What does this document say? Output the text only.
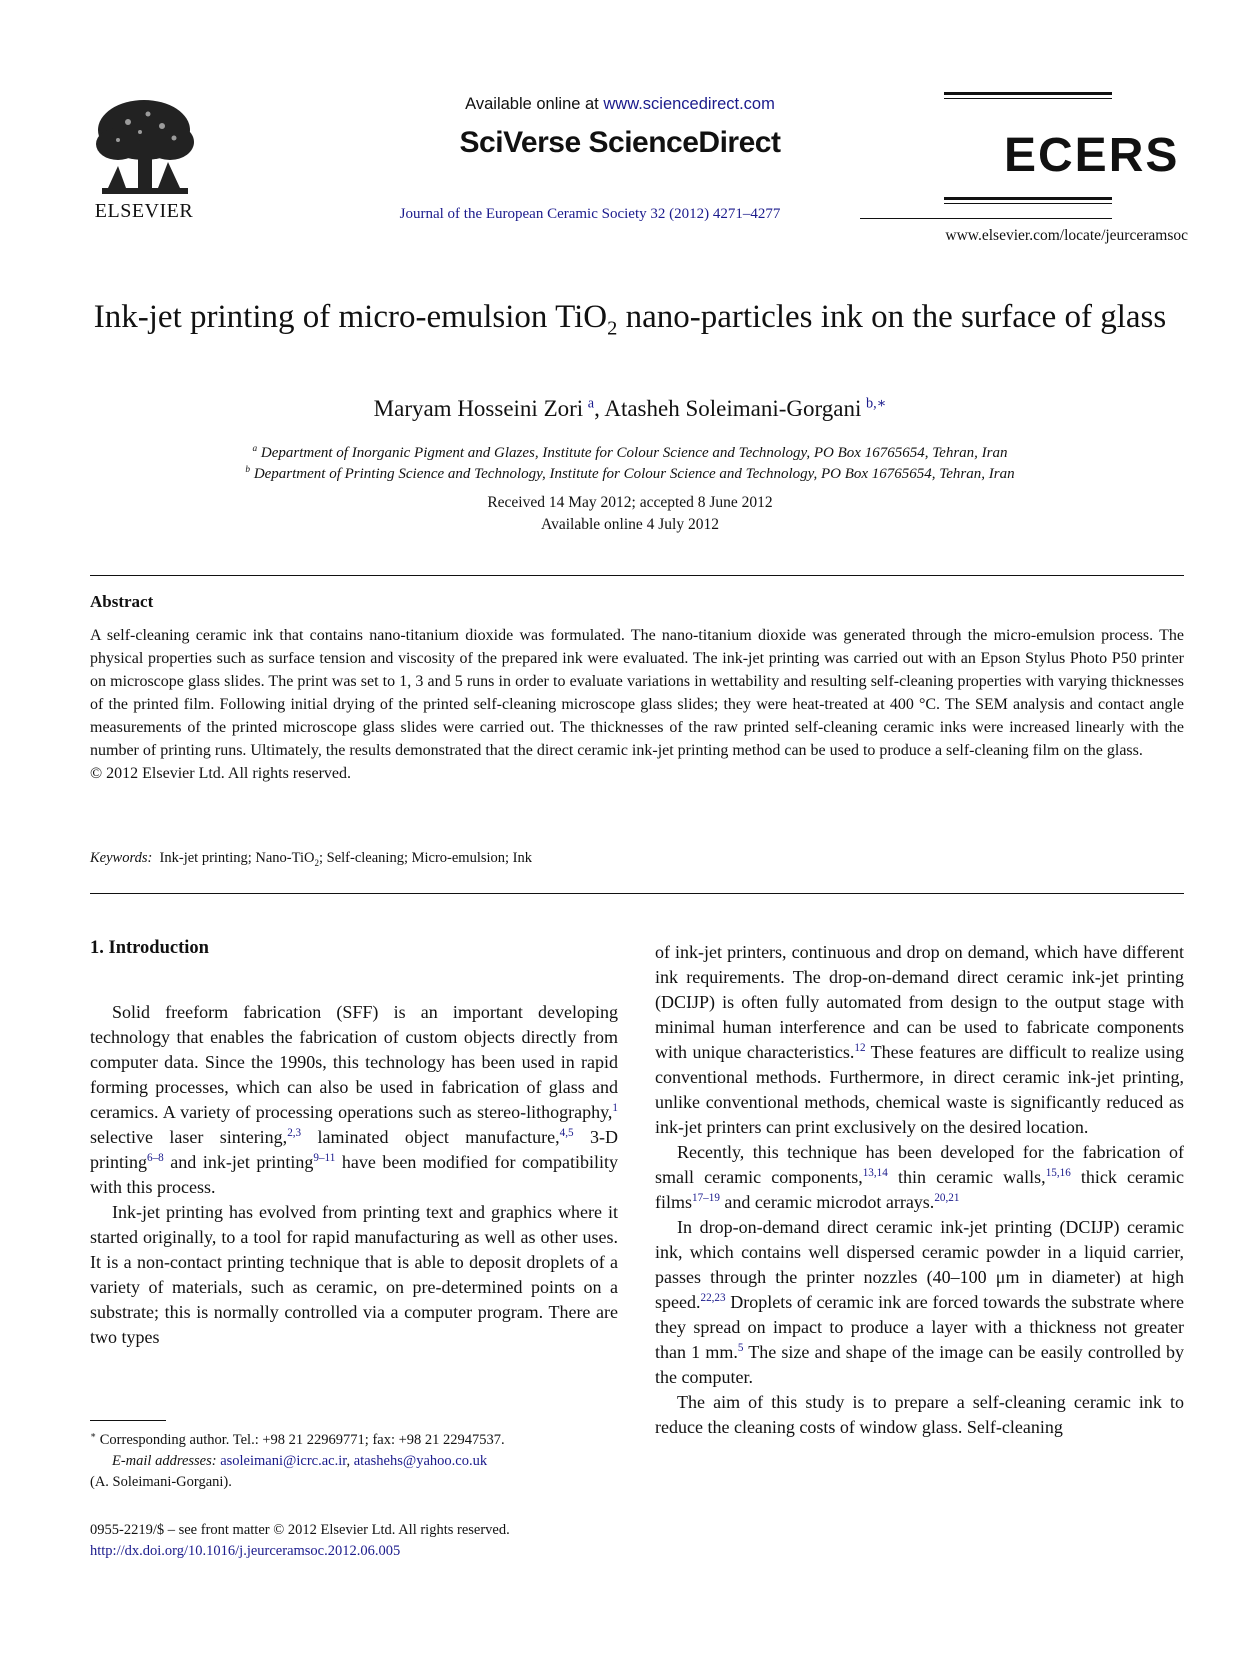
ELSEVIER
Available online at www.sciencedirect.com
SciVerse ScienceDirect
Journal of the European Ceramic Society 32 (2012) 4271–4277
ECERS
www.elsevier.com/locate/jeurceramsoc
Ink-jet printing of micro-emulsion TiO$_2$ nano-particles ink on the surface of glass
Maryam Hosseini Zori  $^a$, Atasheh Soleimani-Gorgani  $^{b,∗}$
$^a$ Department of Inorganic Pigment and Glazes, Institute for Colour Science and Technology, PO Box 16765654, Tehran, Iran
$^b$ Department of Printing Science and Technology, Institute for Colour Science and Technology, PO Box 16765654, Tehran, Iran
Received 14 May 2012; accepted 8 June 2012
Available online 4 July 2012
Abstract
A self-cleaning ceramic ink that contains nano-titanium dioxide was formulated. The nano-titanium dioxide was generated through the micro-emulsion process. The physical properties such as surface tension and viscosity of the prepared ink were evaluated. The ink-jet printing was carried out with an Epson Stylus Photo P50 printer on microscope glass slides. The print was set to 1, 3 and 5 runs in order to evaluate variations in wettability and resulting self-cleaning properties with varying thicknesses of the printed film. Following initial drying of the printed self-cleaning microscope glass slides; they were heat-treated at 400 °C. The SEM analysis and contact angle measurements of the printed microscope glass slides were carried out. The thicknesses of the raw printed self-cleaning ceramic inks were increased linearly with the number of printing runs. Ultimately, the results demonstrated that the direct ceramic ink-jet printing method can be used to produce a self-cleaning film on the glass.
© 2012 Elsevier Ltd. All rights reserved.
Keywords: Ink-jet printing; Nano-TiO$_2$; Self-cleaning; Micro-emulsion; Ink
1. Introduction

Solid freeform fabrication (SFF) is an important developing technology that enables the fabrication of custom objects directly from computer data. Since the 1990s, this technology has been used in rapid forming processes, which can also be used in fabrication of glass and ceramics. A variety of processing operations such as stereo-lithography,$^1$ selective laser sintering,$^{2,3}$ laminated object manufacture,$^{4,5}$ 3-D printing$^{6-8}$ and ink-jet printing$^{9-11}$ have been modified for compatibility with this process.

Ink-jet printing has evolved from printing text and graphics where it started originally, to a tool for rapid manufacturing as well as other uses. It is a non-contact printing technique that is able to deposit droplets of a variety of materials, such as ceramic, on pre-determined points on a substrate; this is normally controlled via a computer program. There are two types

of ink-jet printers, continuous and drop on demand, which have different ink requirements. The drop-on-demand direct ceramic ink-jet printing (DCIJP) is often fully automated from design to the output stage with minimal human interference and can be used to fabricate components with unique characteristics.$^{12}$ These features are difficult to realize using conventional methods. Furthermore, in direct ceramic ink-jet printing, unlike conventional methods, chemical waste is significantly reduced as ink-jet printers can print exclusively on the desired location.

Recently, this technique has been developed for the fabrication of small ceramic components,$^{13,14}$ thin ceramic walls,$^{15,16}$ thick ceramic films$^{17-19}$ and ceramic microdot arrays.$^{20,21}$

In drop-on-demand direct ceramic ink-jet printing (DCIJP) ceramic ink, which contains well dispersed ceramic powder in a liquid carrier, passes through the printer nozzles (40–100 μm in diameter) at high speed.$^{22,23}$ Droplets of ceramic ink are forced towards the substrate where they spread on impact to produce a layer with a thickness not greater than 1 mm.$^5$ The size and shape of the image can be easily controlled by the computer.

The aim of this study is to prepare a self-cleaning ceramic ink to reduce the cleaning costs of window glass. Self-cleaning

∗ Corresponding author. Tel.: +98 21 22969771; fax: +98 21 22947537.
E-mail addresses: asoleimani@icrc.ac.ir, atashehs@yahoo.co.uk
(A. Soleimani-Gorgani).
0955-2219/$ – see front matter © 2012 Elsevier Ltd. All rights reserved.
http://dx.doi.org/10.1016/j.jeurceramsoc.2012.06.005
